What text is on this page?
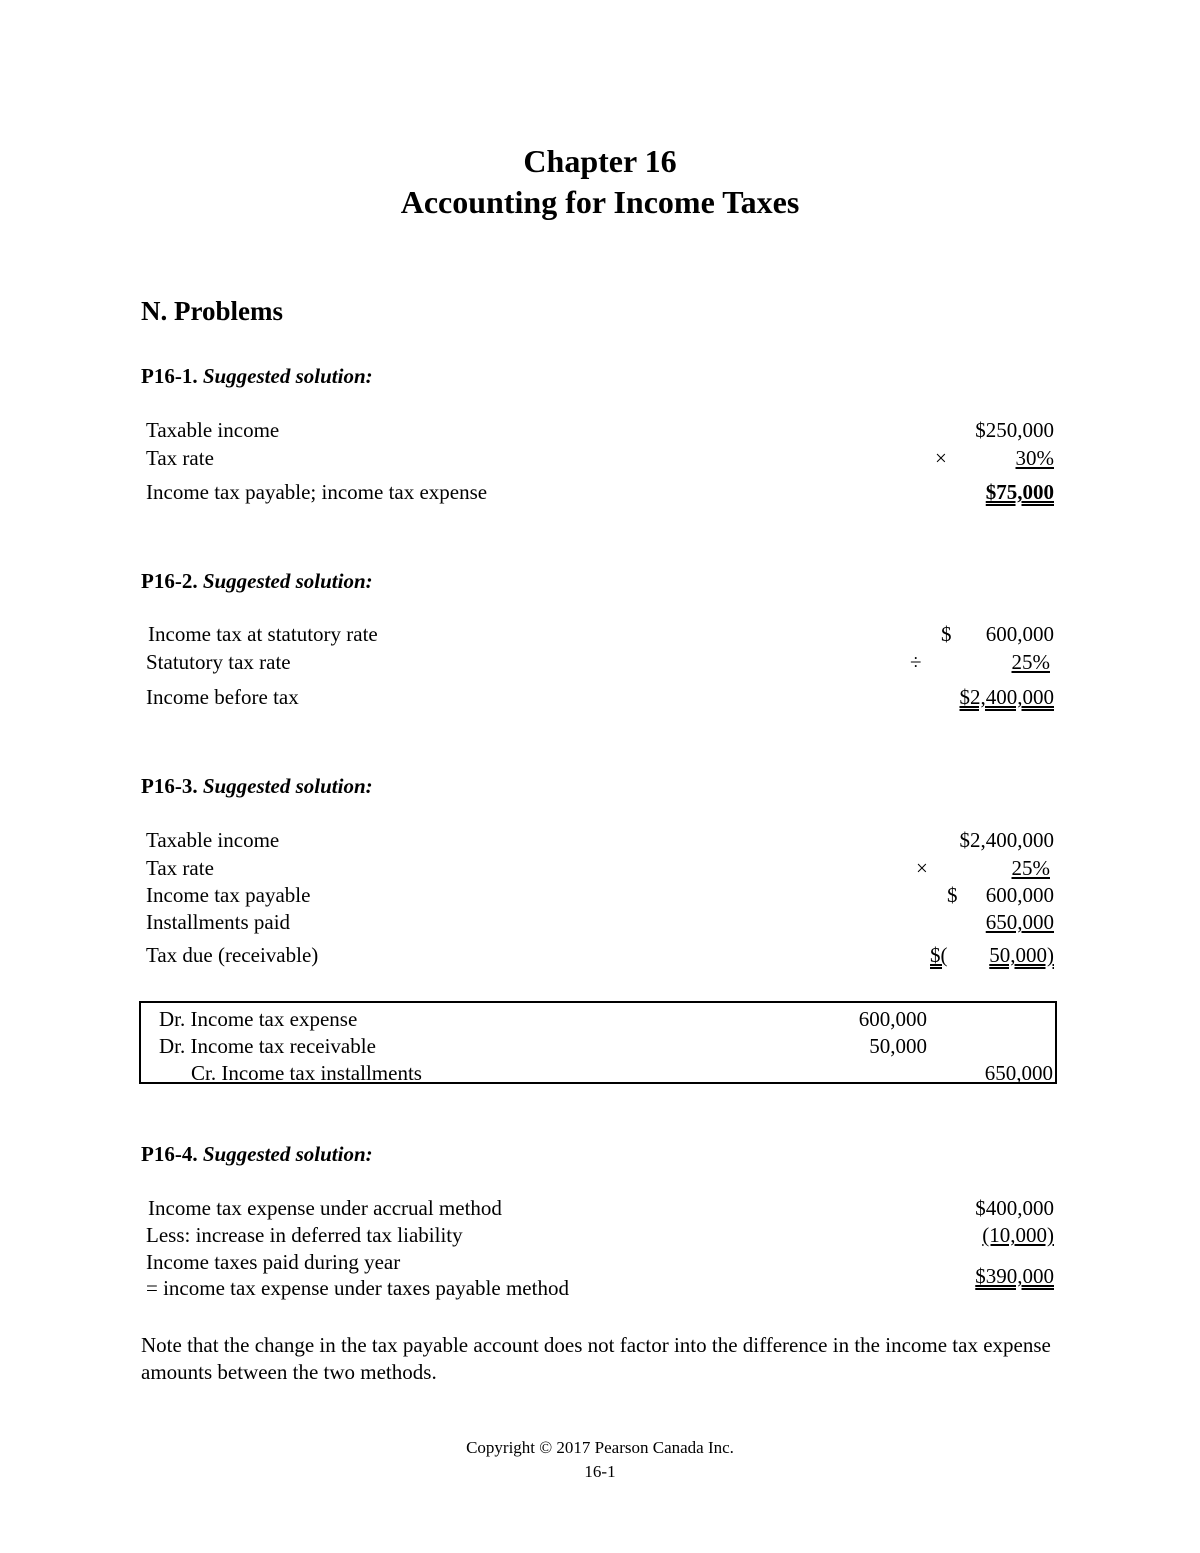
Chapter 16
Accounting for Income Taxes
N. Problems
P16-1. Suggested solution:
Taxable income	$250,000
Tax rate	×	30%
Income tax payable; income tax expense	$75,000
P16-2. Suggested solution:
Income tax at statutory rate	$ 600,000
Statutory tax rate	÷	25%
Income before tax	$2,400,000
P16-3. Suggested solution:
Taxable income	$2,400,000
Tax rate	×	25%
Income tax payable	$ 600,000
Installments paid	650,000
Tax due (receivable)	$(	50,000)
Dr. Income tax expense	600,000
Dr. Income tax receivable	50,000
Cr. Income tax installments	650,000
P16-4. Suggested solution:
Income tax expense under accrual method	$400,000
Less: increase in deferred tax liability	(10,000)
Income taxes paid during year
= income tax expense under taxes payable method	$390,000
Note that the change in the tax payable account does not factor into the difference in the income tax expense amounts between the two methods.
Copyright © 2017 Pearson Canada Inc.
16-1
